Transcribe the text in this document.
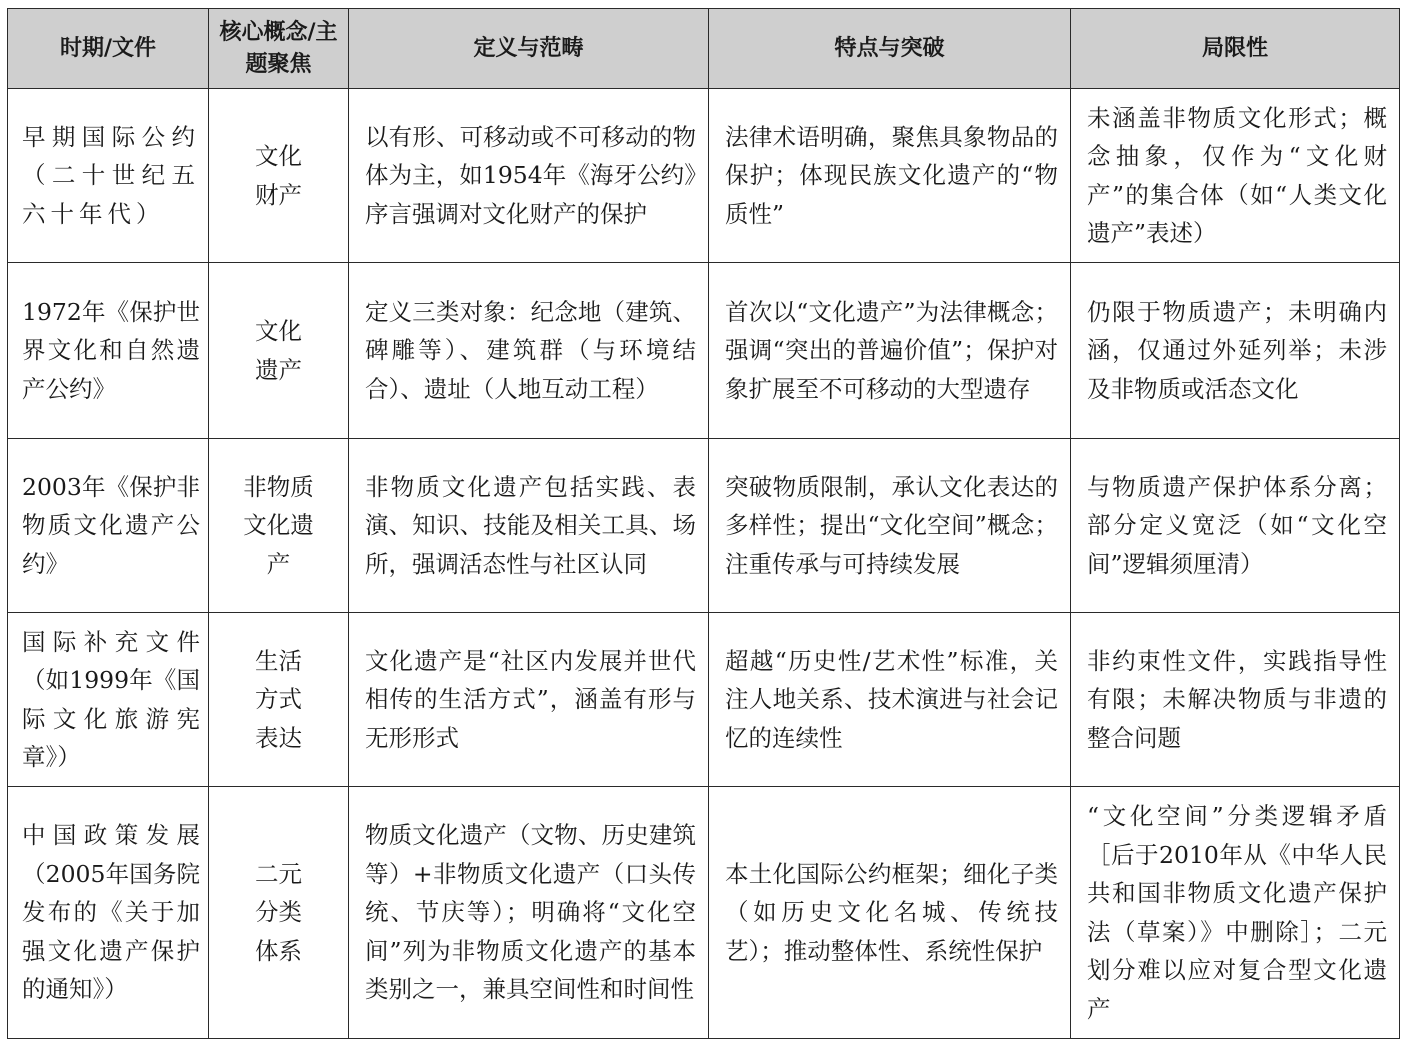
时期/文件	核心概念/主题聚焦	定义与范畴	特点与突破	局限性

早期国际公约（二十世纪五六十年代）	文化财产	以有形、可移动或不可移动的物体为主，如1954年《海牙公约》序言强调对文化财产的保护	法律术语明确，聚焦具象物品的保护；体现民族文化遗产的“物质性”	未涵盖非物质文化形式；概念抽象，仅作为“文化财产”的集合体（如“人类文化遗产”表述）

1972年《保护世界文化和自然遗产公约》	文化遗产	定义三类对象：纪念地（建筑、碑雕等）、建筑群（与环境结合）、遗址（人地互动工程）	首次以“文化遗产”为法律概念；强调“突出的普遍价值”；保护对象扩展至不可移动的大型遗存	仍限于物质遗产；未明确内涵，仅通过外延列举；未涉及非物质或活态文化

2003年《保护非物质文化遗产公约》	非物质文化遗产	非物质文化遗产包括实践、表演、知识、技能及相关工具、场所，强调活态性与社区认同	突破物质限制，承认文化表达的多样性；提出“文化空间”概念；注重传承与可持续发展	与物质遗产保护体系分离；部分定义宽泛（如“文化空间”逻辑须厘清）

国际补充文件（如1999年《国际文化旅游宪章》）	生活方式表达	文化遗产是“社区内发展并世代相传的生活方式”，涵盖有形与无形形式	超越“历史性/艺术性”标准，关注人地关系、技术演进与社会记忆的连续性	非约束性文件，实践指导性有限；未解决物质与非遗的整合问题

中国政策发展（2005年国务院发布的《关于加强文化遗产保护的通知》）	二元分类体系	物质文化遗产（文物、历史建筑等）+非物质文化遗产（口头传统、节庆等）；明确将“文化空间”列为非物质文化遗产的基本类别之一，兼具空间性和时间性	本土化国际公约框架；细化子类（如历史文化名城、传统技艺）；推动整体性、系统性保护	“文化空间”分类逻辑矛盾［后于2010年从《中华人民共和国非物质文化遗产保护法（草案）》中删除］；二元划分难以应对复合型文化遗产
